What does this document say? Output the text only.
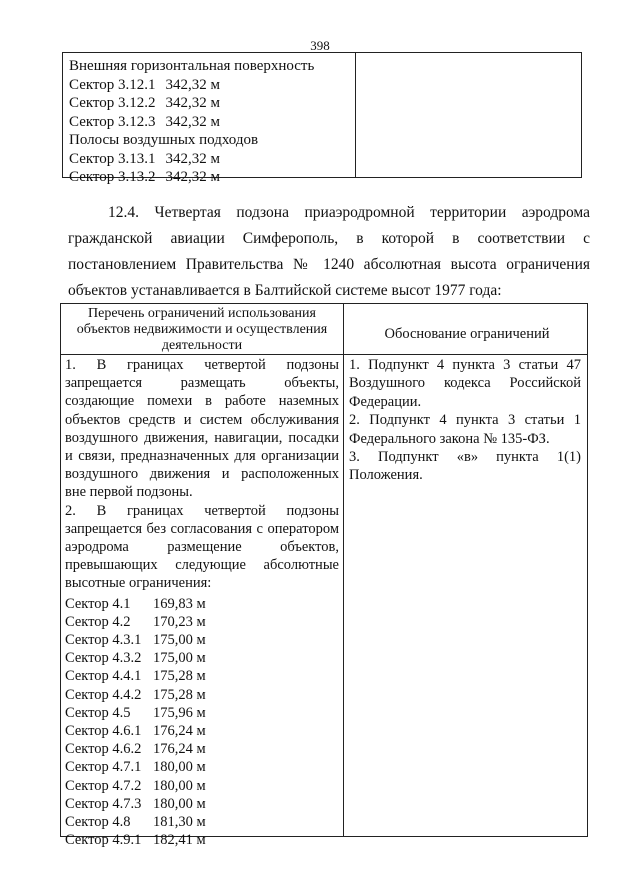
398
Внешняя горизонтальная поверхность
Сектор 3.12.1 342,32 м
Сектор 3.12.2 342,32 м
Сектор 3.12.3 342,32 м
Полосы воздушных подходов
Сектор 3.13.1 342,32 м
Сектор 3.13.2 342,32 м
12.4. Четвертая подзона приаэродромной территории аэродрома гражданской авиации Симферополь, в которой в соответствии с постановлением Правительства № 1240 абсолютная высота ограничения объектов устанавливается в Балтийской системе высот 1977 года:
Перечень ограничений использования объектов недвижимости и осуществления деятельности
Обоснование ограничений
1. В границах четвертой подзоны запрещается размещать объекты, создающие помехи в работе наземных объектов средств и систем обслуживания воздушного движения, навигации, посадки и связи, предназначенных для организации воздушного движения и расположенных вне первой подзоны.
2. В границах четвертой подзоны запрещается без согласования с оператором аэродрома размещение объектов, превышающих следующие абсолютные высотные ограничения:
Сектор 4.1 169,83 м
Сектор 4.2 170,23 м
Сектор 4.3.1 175,00 м
Сектор 4.3.2 175,00 м
Сектор 4.4.1 175,28 м
Сектор 4.4.2 175,28 м
Сектор 4.5 175,96 м
Сектор 4.6.1 176,24 м
Сектор 4.6.2 176,24 м
Сектор 4.7.1 180,00 м
Сектор 4.7.2 180,00 м
Сектор 4.7.3 180,00 м
Сектор 4.8 181,30 м
Сектор 4.9.1 182,41 м
1. Подпункт 4 пункта 3 статьи 47 Воздушного кодекса Российской Федерации.
2. Подпункт 4 пункта 3 статьи 1 Федерального закона № 135-ФЗ.
3. Подпункт «в» пункта 1(1) Положения.
